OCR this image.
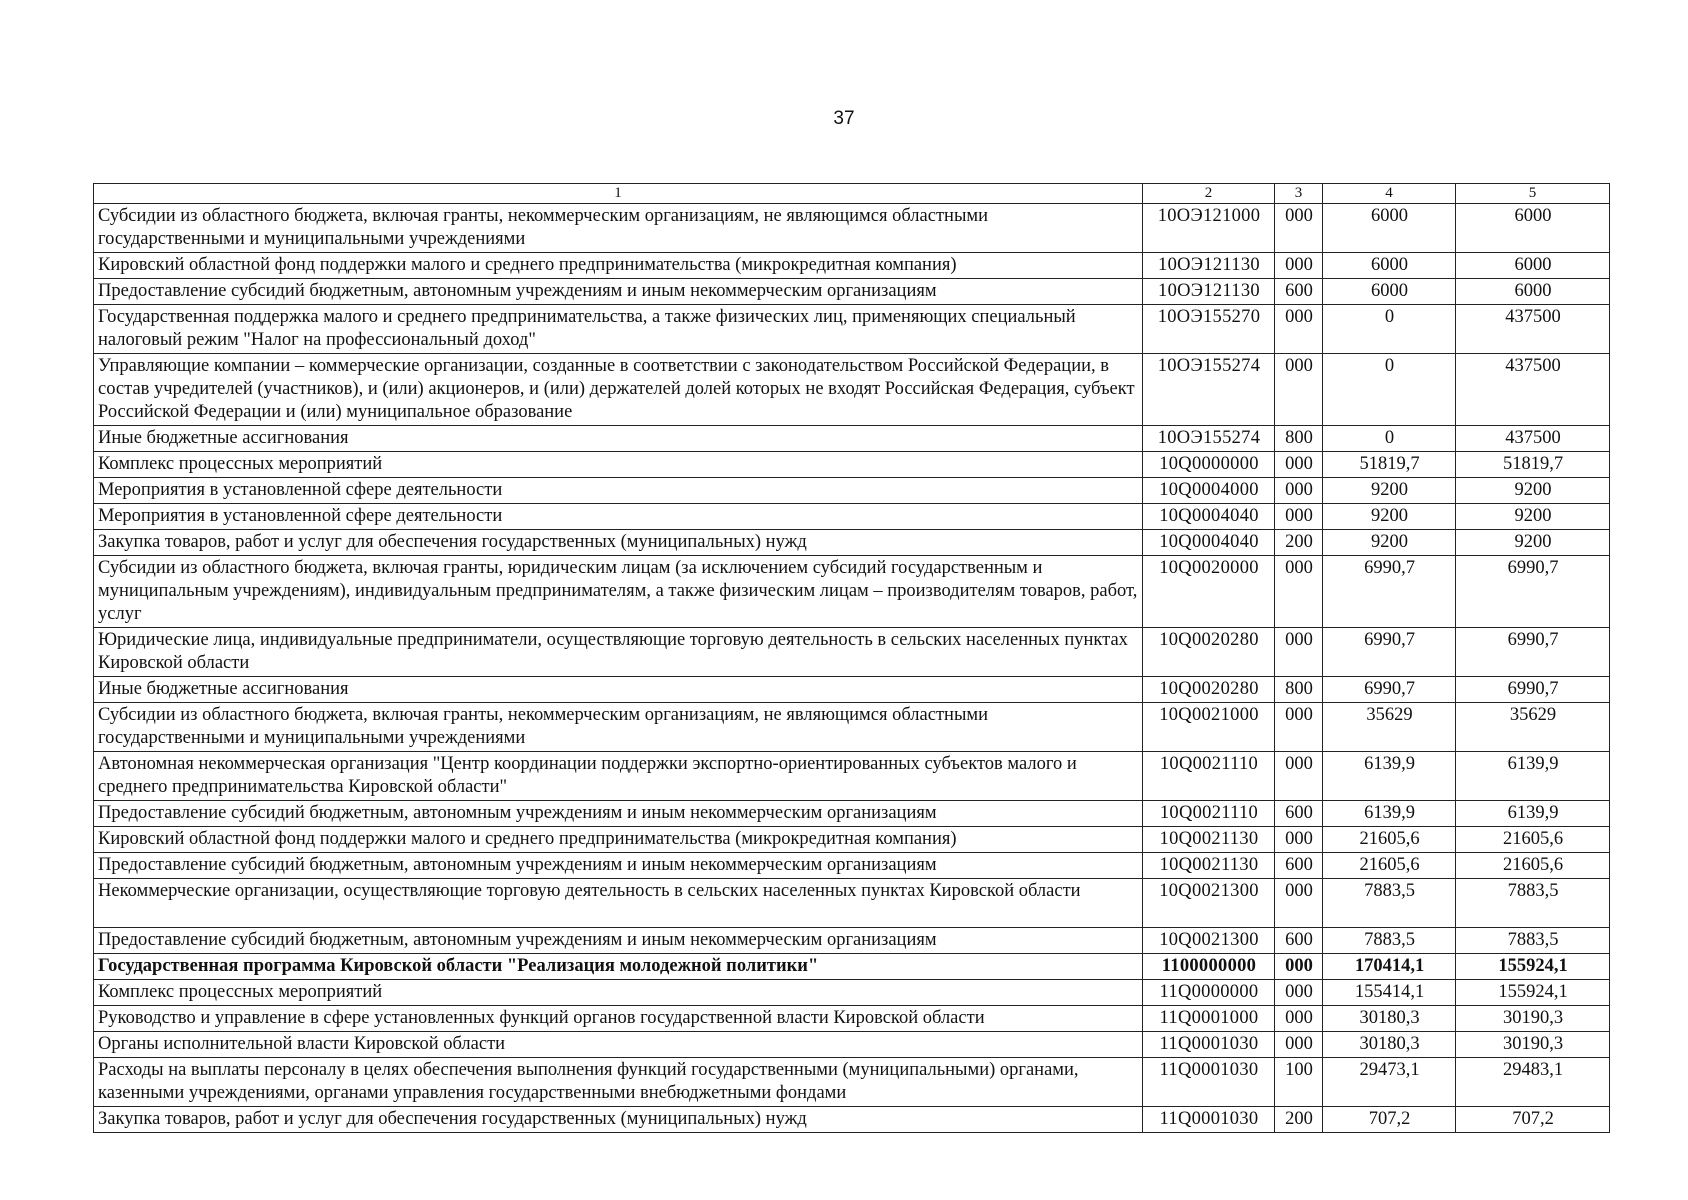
37
1	2	3	4	5
Субсидии из областного бюджета, включая гранты, некоммерческим организациям, не являющимся областными государственными и муниципальными учреждениями	10ОЭ121000	000	6000	6000
Кировский областной фонд поддержки малого и среднего предпринимательства (микрокредитная компания)	10ОЭ121130	000	6000	6000
Предоставление субсидий бюджетным, автономным учреждениям и иным некоммерческим организациям	10ОЭ121130	600	6000	6000
Государственная поддержка малого и среднего предпринимательства, а также физических лиц, применяющих специальный налоговый режим "Налог на профессиональный доход"	10ОЭ155270	000	0	437500
Управляющие компании – коммерческие организации, созданные в соответствии с законодательством Российской Федерации, в состав учредителей (участников), и (или) акционеров, и (или) держателей долей которых не входят Российская Федерация, субъект Российской Федерации и (или) муниципальное образование	10ОЭ155274	000	0	437500
Иные бюджетные ассигнования	10ОЭ155274	800	0	437500
Комплекс процессных мероприятий	10Q0000000	000	51819,7	51819,7
Мероприятия в установленной сфере деятельности	10Q0004000	000	9200	9200
Мероприятия в установленной сфере деятельности	10Q0004040	000	9200	9200
Закупка товаров, работ и услуг для обеспечения государственных (муниципальных) нужд	10Q0004040	200	9200	9200
Субсидии из областного бюджета, включая гранты, юридическим лицам (за исключением субсидий государственным и муниципальным учреждениям), индивидуальным предпринимателям, а также физическим лицам – производителям товаров, работ, услуг	10Q0020000	000	6990,7	6990,7
Юридические лица, индивидуальные предприниматели, осуществляющие торговую деятельность в сельских населенных пунктах Кировской области	10Q0020280	000	6990,7	6990,7
Иные бюджетные ассигнования	10Q0020280	800	6990,7	6990,7
Субсидии из областного бюджета, включая гранты, некоммерческим организациям, не являющимся областными государственными и муниципальными учреждениями	10Q0021000	000	35629	35629
Автономная некоммерческая организация "Центр координации поддержки экспортно-ориентированных субъектов малого и среднего предпринимательства Кировской области"	10Q0021110	000	6139,9	6139,9
Предоставление субсидий бюджетным, автономным учреждениям и иным некоммерческим организациям	10Q0021110	600	6139,9	6139,9
Кировский областной фонд поддержки малого и среднего предпринимательства (микрокредитная компания)	10Q0021130	000	21605,6	21605,6
Предоставление субсидий бюджетным, автономным учреждениям и иным некоммерческим организациям	10Q0021130	600	21605,6	21605,6

Некоммерческие организации, осуществляющие торговую деятельность в сельских населенных пунктах Кировской области	10Q0021300	000	7883,5	7883,5
Предоставление субсидий бюджетным, автономным учреждениям и иным некоммерческим организациям	10Q0021300	600	7883,5	7883,5
Государственная программа Кировской области "Реализация молодежной политики"	1100000000	000	170414,1	155924,1
Комплекс процессных мероприятий	11Q0000000	000	155414,1	155924,1
Руководство и управление в сфере установленных функций органов государственной власти Кировской области	11Q0001000	000	30180,3	30190,3
Органы исполнительной власти Кировской области	11Q0001030	000	30180,3	30190,3
Расходы на выплаты персоналу в целях обеспечения выполнения функций государственными (муниципальными) органами, казенными учреждениями, органами управления государственными внебюджетными фондами	11Q0001030	100	29473,1	29483,1
Закупка товаров, работ и услуг для обеспечения государственных (муниципальных) нужд	11Q0001030	200	707,2	707,2
